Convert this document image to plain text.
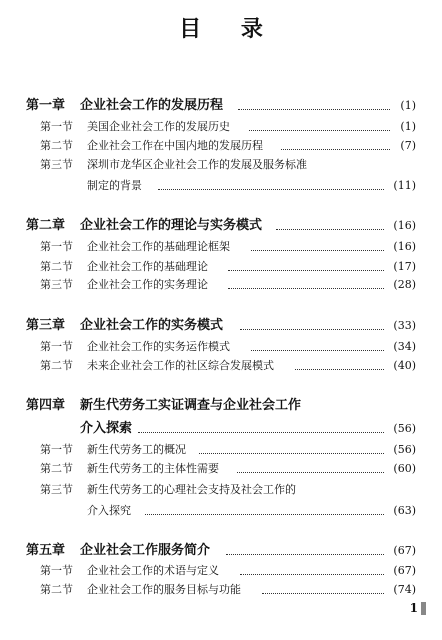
目 录
第一章 企业社会工作的发展历程	(1)
第一节 美国企业社会工作的发展历史	(1)
第二节 企业社会工作在中国内地的发展历程	(7)
第三节 深圳市龙华区企业社会工作的发展及服务标准
制定的背景	(11)
第二章 企业社会工作的理论与实务模式	(16)
第一节 企业社会工作的基础理论框架	(16)
第二节 企业社会工作的基础理论	(17)
第三节 企业社会工作的实务理论	(28)
第三章 企业社会工作的实务模式	(33)
第一节 企业社会工作的实务运作模式	(34)
第二节 未来企业社会工作的社区综合发展模式	(40)
第四章 新生代劳务工实证调查与企业社会工作
介入探索	(56)
第一节 新生代劳务工的概况	(56)
第二节 新生代劳务工的主体性需要	(60)
第三节 新生代劳务工的心理社会支持及社会工作的
介入探究	(63)
第五章 企业社会工作服务简介	(67)
第一节 企业社会工作的术语与定义	(67)
第二节 企业社会工作的服务目标与功能	(74)
1
